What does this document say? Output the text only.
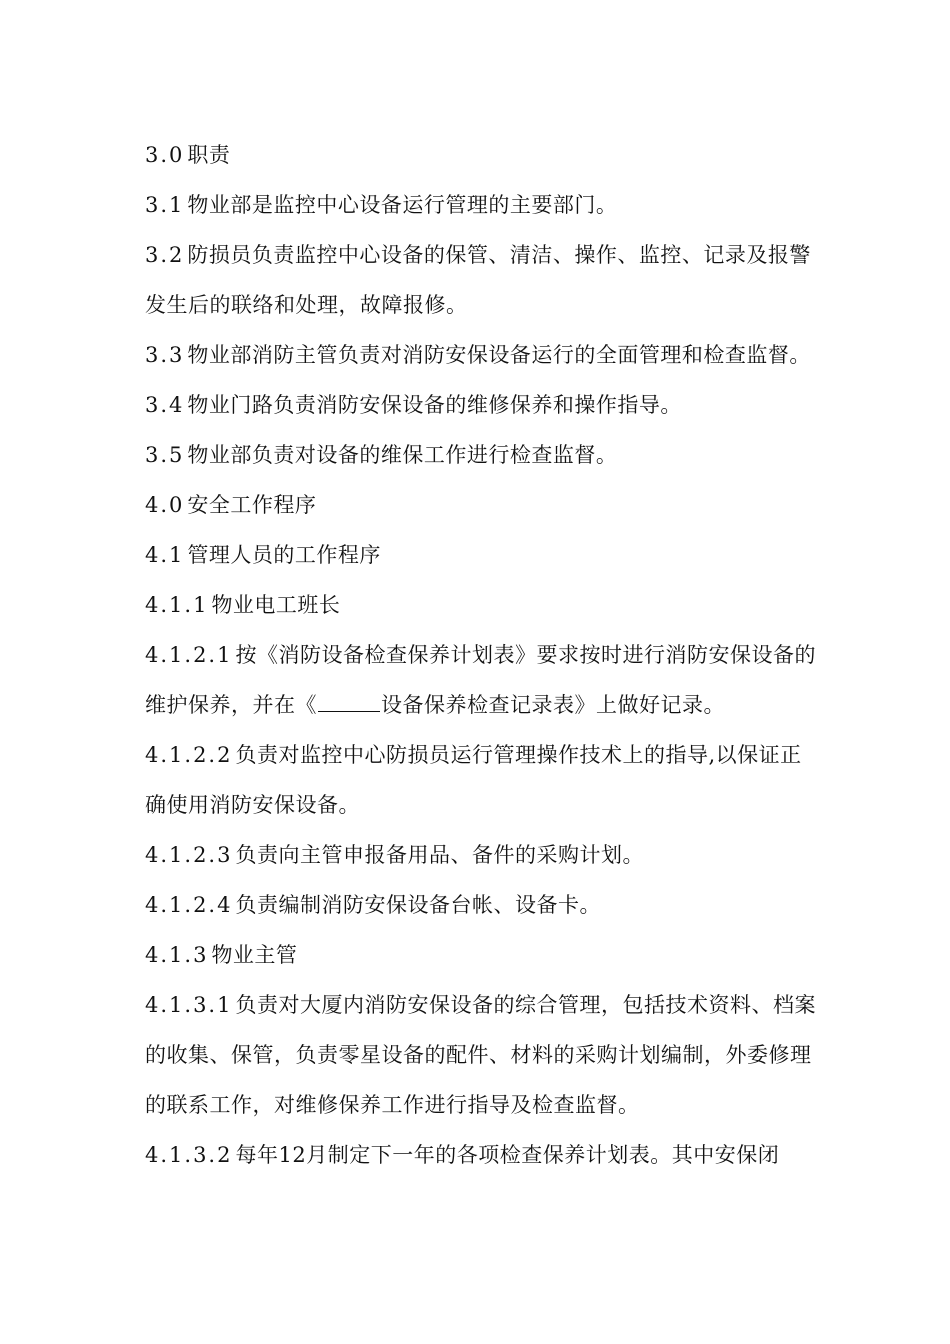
3.0 职责

3.1 物业部是监控中心设备运行管理的主要部门。

3.2 防损员负责监控中心设备的保管、清洁、操作、监控、记录及报警发生后的联络和处理，故障报修。

3.3 物业部消防主管负责对消防安保设备运行的全面管理和检查监督。

3.4 物业门路负责消防安保设备的维修保养和操作指导。

3.5 物业部负责对设备的维保工作进行检查监督。

4.0 安全工作程序

4.1 管理人员的工作程序

4.1.1 物业电工班长

4.1.2.1 按《消防设备检查保养计划表》要求按时进行消防安保设备的维护保养，并在《	设备保养检查记录表》上做好记录。

4.1.2.2 负责对监控中心防损员运行管理操作技术上的指导,以保证正确使用消防安保设备。

4.1.2.3 负责向主管申报备用品、备件的采购计划。

4.1.2.4 负责编制消防安保设备台帐、设备卡。

4.1.3 物业主管

4.1.3.1 负责对大厦内消防安保设备的综合管理，包括技术资料、档案的收集、保管，负责零星设备的配件、材料的采购计划编制，外委修理的联系工作，对维修保养工作进行指导及检查监督。

4.1.3.2 每年12月制定下一年的各项检查保养计划表。其中安保闭
